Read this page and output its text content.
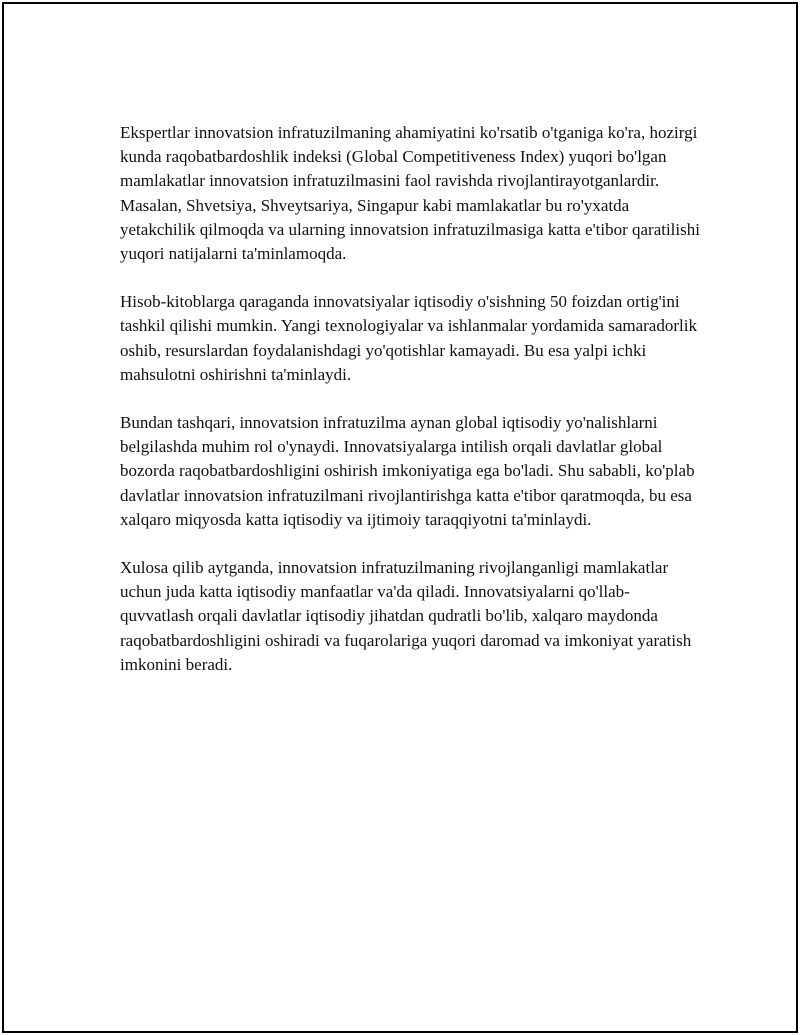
Ekspertlar innovatsion infratuzilmaning ahamiyatini ko'rsatib o'tganiga ko'ra, hozirgi kunda raqobatbardoshlik indeksi (Global Competitiveness Index) yuqori bo'lgan mamlakatlar innovatsion infratuzilmasini faol ravishda rivojlantirayotganlardir. Masalan, Shvetsiya, Shveytsariya, Singapur kabi mamlakatlar bu ro'yxatda yetakchilik qilmoqda va ularning innovatsion infratuzilmasiga katta e'tibor qaratilishi yuqori natijalarni ta'minlamoqda.

Hisob-kitoblarga qaraganda innovatsiyalar iqtisodiy o'sishning 50 foizdan ortig'ini tashkil qilishi mumkin. Yangi texnologiyalar va ishlanmalar yordamida samaradorlik oshib, resurslardan foydalanishdagi yo'qotishlar kamayadi. Bu esa yalpi ichki mahsulotni oshirishni ta'minlaydi.

Bundan tashqari, innovatsion infratuzilma aynan global iqtisodiy yo'nalishlarni belgilashda muhim rol o'ynaydi. Innovatsiyalarga intilish orqali davlatlar global bozorda raqobatbardoshligini oshirish imkoniyatiga ega bo'ladi. Shu sababli, ko'plab davlatlar innovatsion infratuzilmani rivojlantirishga katta e'tibor qaratmoqda, bu esa xalqaro miqyosda katta iqtisodiy va ijtimoiy taraqqiyotni ta'minlaydi.

Xulosa qilib aytganda, innovatsion infratuzilmaning rivojlanganligi mamlakatlar uchun juda katta iqtisodiy manfaatlar va'da qiladi. Innovatsiyalarni qo'llab-quvvatlash orqali davlatlar iqtisodiy jihatdan qudratli bo'lib, xalqaro maydonda raqobatbardoshligini oshiradi va fuqarolariga yuqori daromad va imkoniyat yaratish imkonini beradi.
